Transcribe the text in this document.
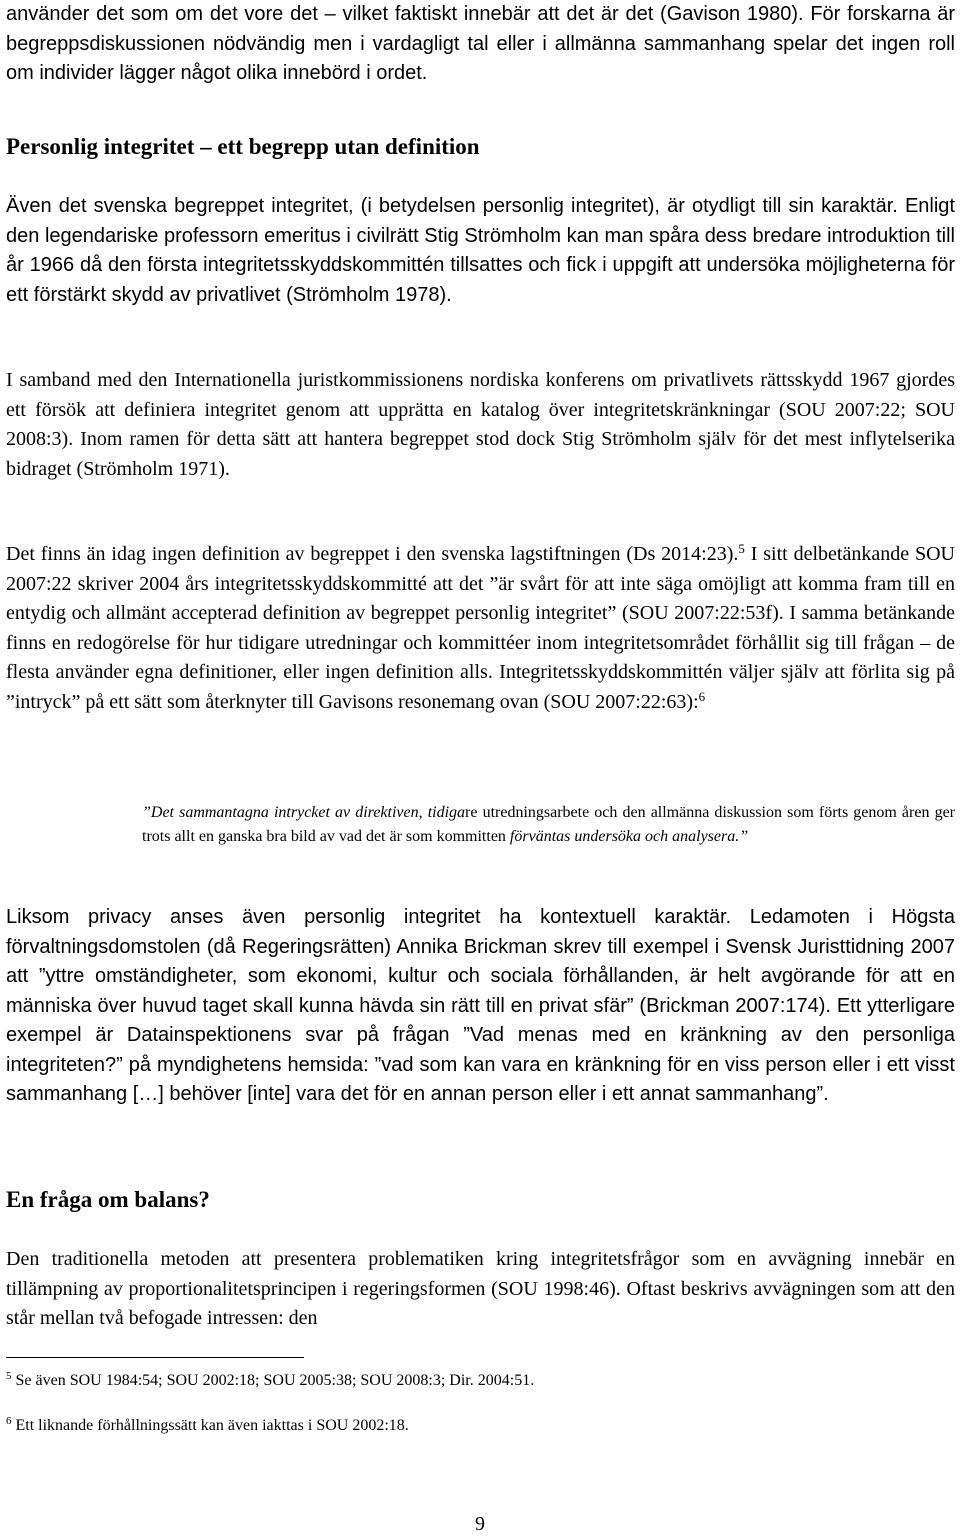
använder det som om det vore det – vilket faktiskt innebär att det är det (Gavison 1980). För forskarna är begreppsdiskussionen nödvändig men i vardagligt tal eller i allmänna sammanhang spelar det ingen roll om individer lägger något olika innebörd i ordet.

Personlig integritet – ett begrepp utan definition

Även det svenska begreppet integritet, (i betydelsen personlig integritet), är otydligt till sin karaktär. Enligt den legendariske professorn emeritus i civilrätt Stig Strömholm kan man spåra dess bredare introduktion till år 1966 då den första integritetsskyddskommittén tillsattes och fick i uppgift att undersöka möjligheterna för ett förstärkt skydd av privatlivet (Strömholm 1978).

I samband med den Internationella juristkommissionens nordiska konferens om privatlivets rättsskydd 1967 gjordes ett försök att definiera integritet genom att upprätta en katalog över integritetskränkningar (SOU 2007:22; SOU 2008:3). Inom ramen för detta sätt att hantera begreppet stod dock Stig Strömholm själv för det mest inflytelserika bidraget (Strömholm 1971).

Det finns än idag ingen definition av begreppet i den svenska lagstiftningen (Ds 2014:23).$^5$ I sitt delbetänkande SOU 2007:22 skriver 2004 års integritetsskyddskommitté att det ”är svårt för att inte säga omöjligt att komma fram till en entydig och allmänt accepterad definition av begreppet personlig integritet” (SOU 2007:22:53f). I samma betänkande finns en redogörelse för hur tidigare utredningar och kommittéer inom integritetsområdet förhållit sig till frågan – de flesta använder egna definitioner, eller ingen definition alls. Integritetsskyddskommittén väljer själv att förlita sig på ”intryck” på ett sätt som återknyter till Gavisons resonemang ovan (SOU 2007:22:63):$^6$

”Det sammantagna intrycket av direktiven, tidigare utredningsarbete och den allmänna diskussion som förts genom åren ger trots allt en ganska bra bild av vad det är som kommitten förväntas undersöka och analysera.”

Liksom privacy anses även personlig integritet ha kontextuell karaktär. Ledamoten i Högsta förvaltningsdomstolen (då Regeringsrätten) Annika Brickman skrev till exempel i Svensk Juristtidning 2007 att ”yttre omständigheter, som ekonomi, kultur och sociala förhållanden, är helt avgörande för att en människa över huvud taget skall kunna hävda sin rätt till en privat sfär” (Brickman 2007:174). Ett ytterligare exempel är Datainspektionens svar på frågan ”Vad menas med en kränkning av den personliga integriteten?” på myndighetens hemsida: ”vad som kan vara en kränkning för en viss person eller i ett visst sammanhang […] behöver [inte] vara det för en annan person eller i ett annat sammanhang”.

En fråga om balans?

Den traditionella metoden att presentera problematiken kring integritetsfrågor som en avvägning innebär en tillämpning av proportionalitetsprincipen i regeringsformen (SOU 1998:46). Oftast beskrivs avvägningen som att den står mellan två befogade intressen: den

$^5$ Se även SOU 1984:54; SOU 2002:18; SOU 2005:38; SOU 2008:3; Dir. 2004:51.

$^6$ Ett liknande förhållningssätt kan även iakttas i SOU 2002:18.

9
